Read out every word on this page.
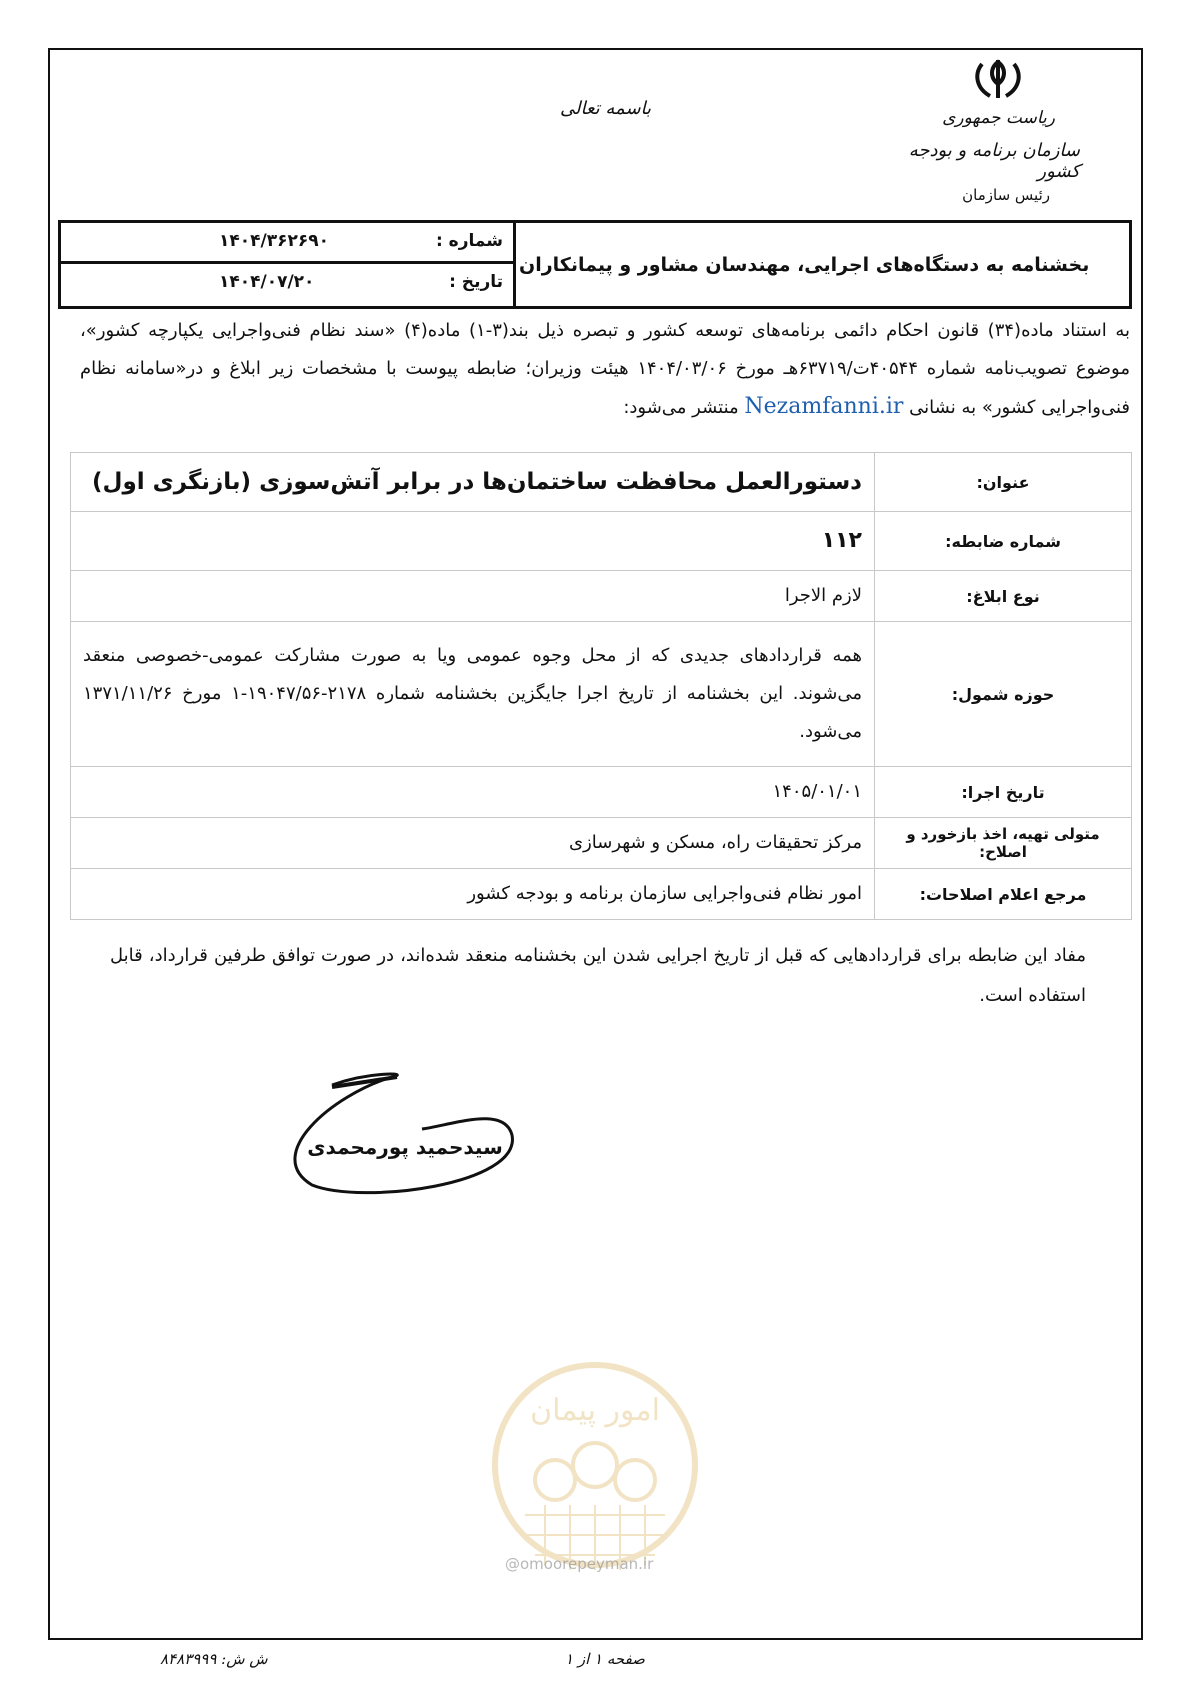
ریاست جمهوری
سازمان برنامه و بودجه کشور
رئیس سازمان
باسمه تعالی
بخشنامه به دستگاه‌های اجرایی، مهندسان مشاور و پیمانکاران
شماره :
۱۴۰۴/۳۶۲۶۹۰
تاریخ :
۱۴۰۴/۰۷/۲۰
به استناد ماده(۳۴) قانون احکام دائمی برنامه‌های توسعه کشور و تبصره ذیل بند(۳-۱) ماده(۴) «سند نظام فنی‌واجرایی یکپارچه کشور»، موضوع تصویب‌نامه شماره ۴۰۵۴۴ت/۶۳۷۱۹هـ مورخ ۱۴۰۴/۰۳/۰۶ هیئت وزیران؛ ضابطه پیوست با مشخصات زیر ابلاغ و در«سامانه نظام فنی‌واجرایی کشور» به نشانی Nezamfanni.ir منتشر می‌شود:
عنوان:	دستورالعمل محافظت ساختمان‌ها در برابر آتش‌سوزی (بازنگری اول)
شماره ضابطه:	۱۱۲
نوع ابلاغ:	لازم الاجرا
حوزه شمول:	همه قراردادهای جدیدی که از محل وجوه عمومی ویا به صورت مشارکت عمومی-خصوصی منعقد می‌شوند. این بخشنامه از تاریخ اجرا جایگزین بخشنامه شماره ۲۱۷۸-۱۹۰۴۷/۵۶-۱ مورخ ۱۳۷۱/۱۱/۲۶ می‌شود.
تاریخ اجرا:	۱۴۰۵/۰۱/۰۱
متولی تهیه، اخذ بازخورد و اصلاح:	مرکز تحقیقات راه، مسکن و شهرسازی
مرجع اعلام اصلاحات:	امور نظام فنی‌واجرایی سازمان برنامه و بودجه کشور
مفاد این ضابطه برای قراردادهایی که قبل از تاریخ اجرایی شدن این بخشنامه منعقد شده‌اند، در صورت توافق طرفین قرارداد، قابل استفاده است.
سیدحمید پورمحمدی
امور پیمان
@omoorepeyman.ir
صفحه ۱ از ۱
ش ش: ۸۴۸۳۹۹۹
